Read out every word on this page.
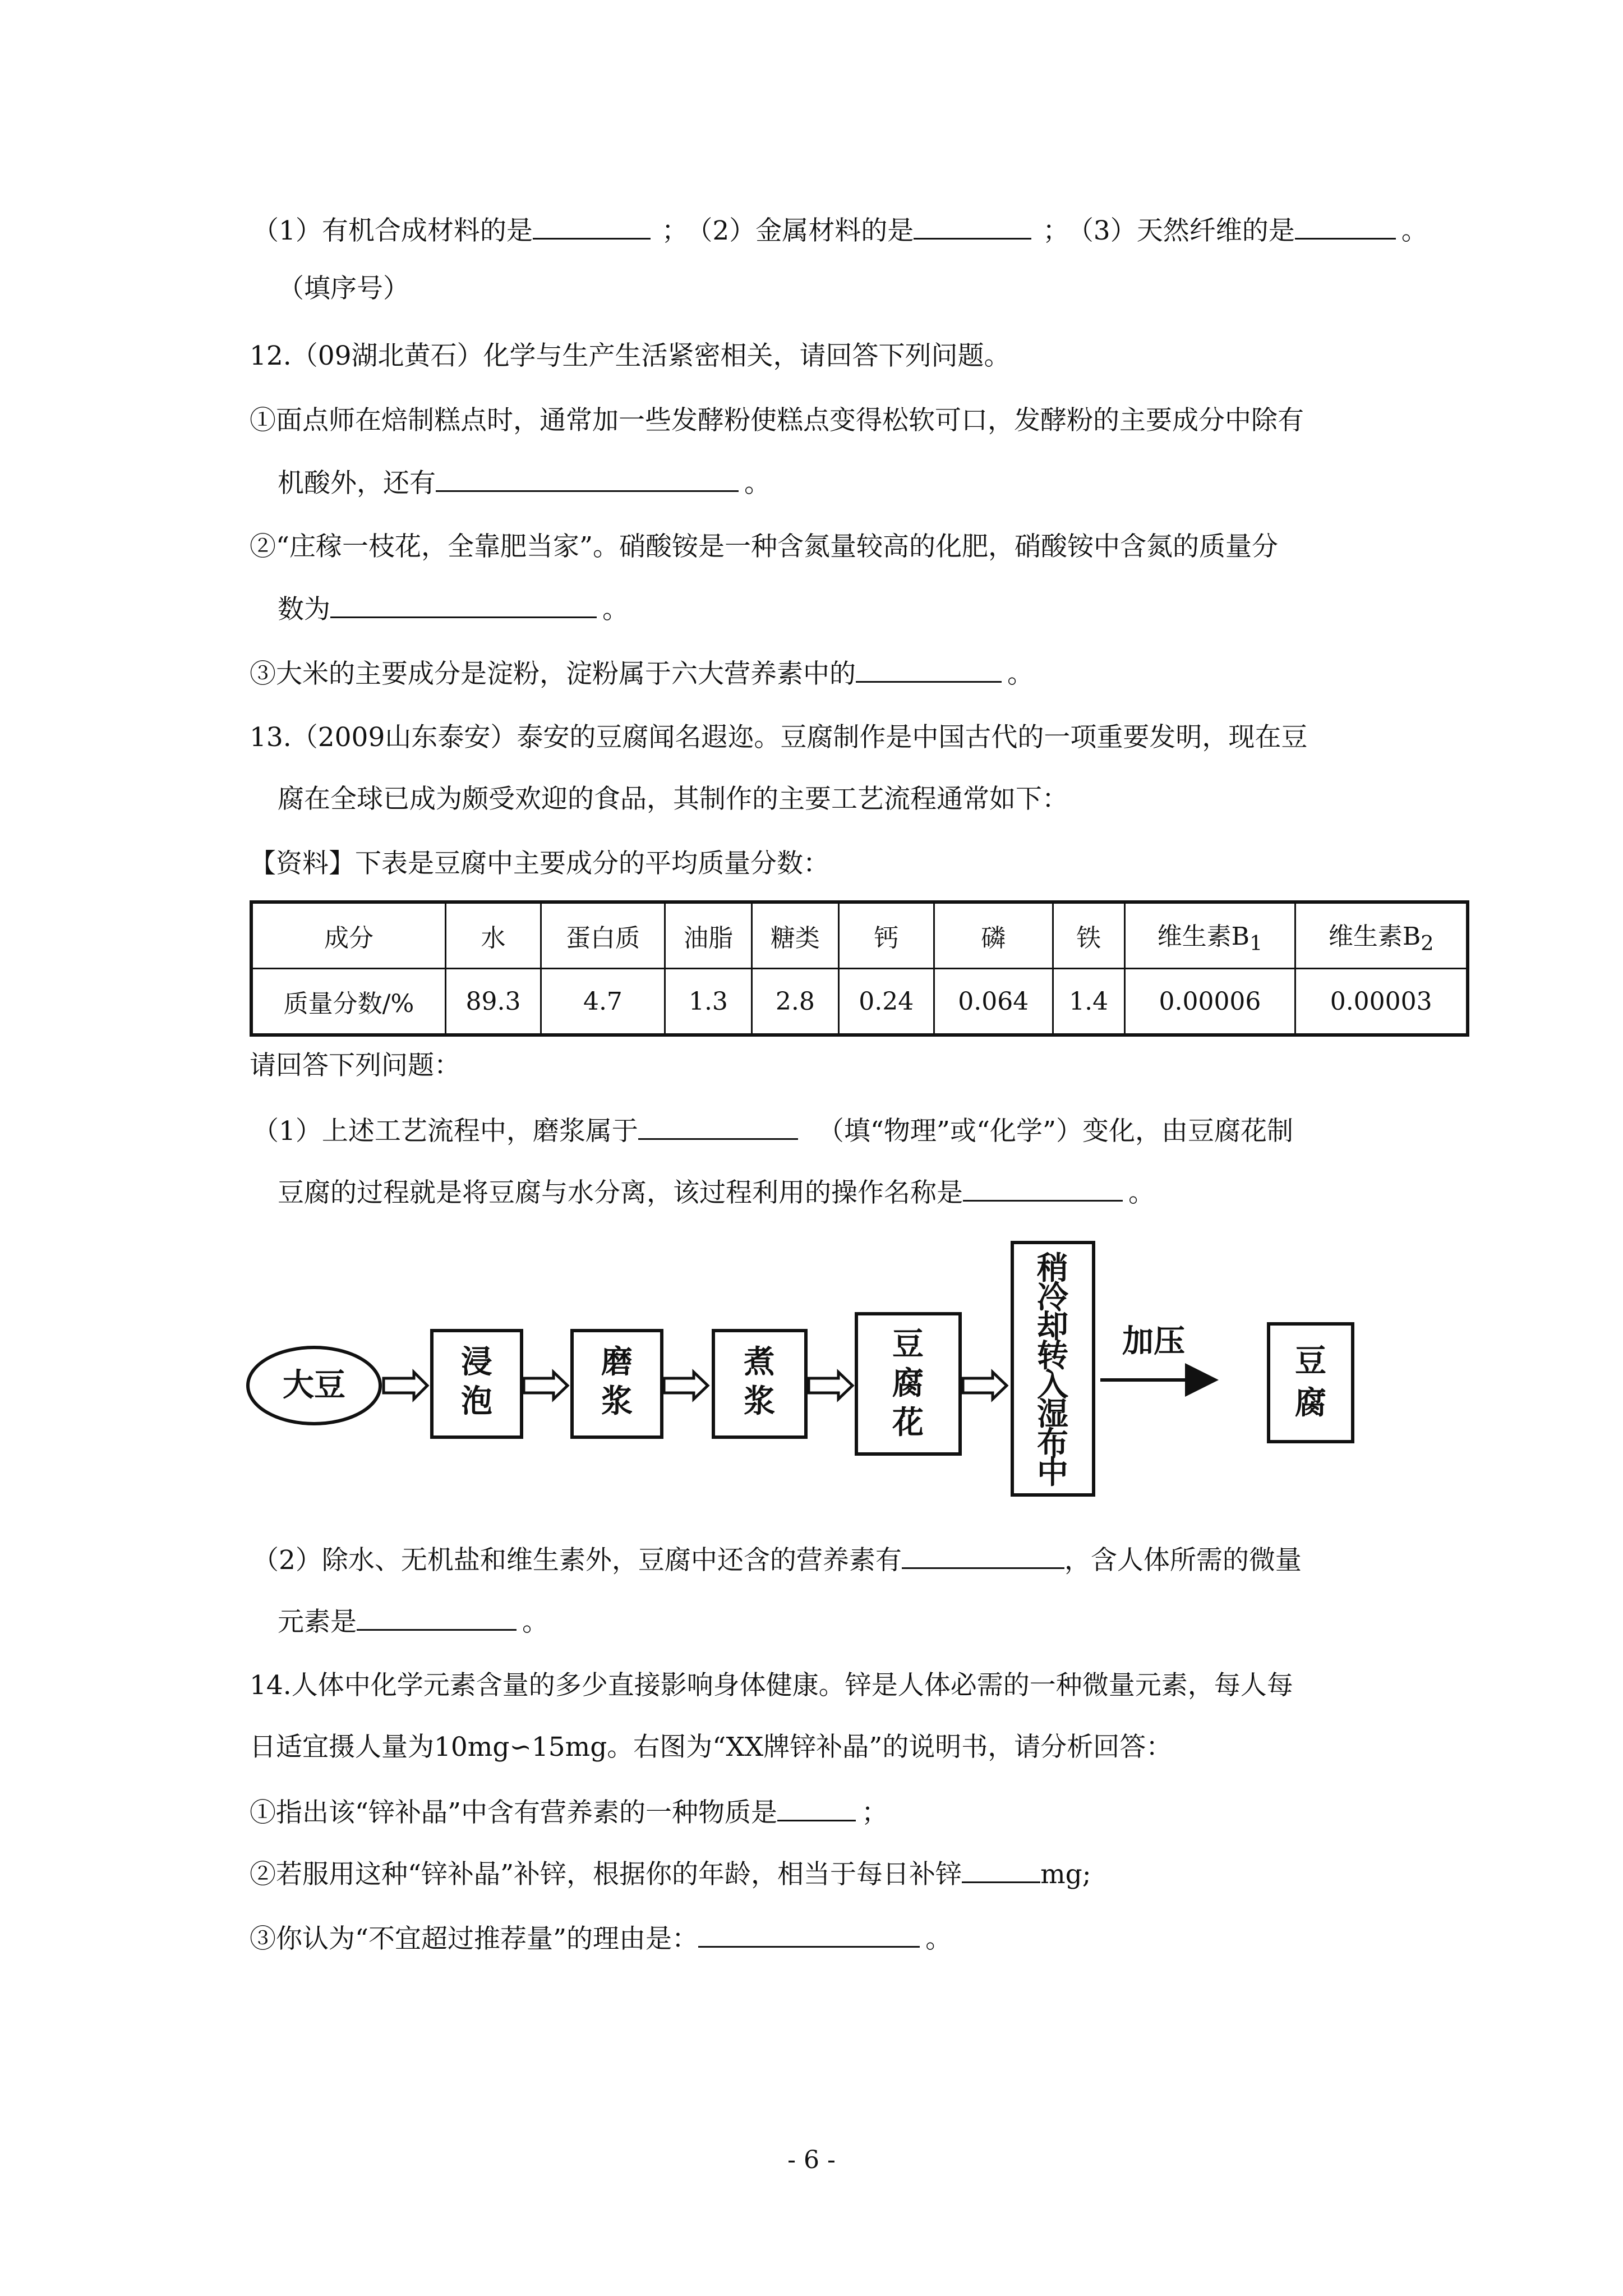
（1）有机合成材料的是	； （2）金属材料的是	； （3）天然纤维的是	。
（填序号）
12.（09湖北黄石）化学与生产生活紧密相关，请回答下列问题。
①面点师在焙制糕点时，通常加一些发酵粉使糕点变得松软可口，发酵粉的主要成分中除有
机酸外，还有	。
②“庄稼一枝花，全靠肥当家”。硝酸铵是一种含氮量较高的化肥，硝酸铵中含氮的质量分
数为	。
③大米的主要成分是淀粉，淀粉属于六大营养素中的	。
13.（2009山东泰安）泰安的豆腐闻名遐迩。豆腐制作是中国古代的一项重要发明，现在豆
腐在全球已成为颇受欢迎的食品，其制作的主要工艺流程通常如下：
【资料】下表是豆腐中主要成分的平均质量分数：
成分	水	蛋白质	油脂	糖类	钙	磷	铁	维生素$B_1$	维生素$B_2$
质量分数/%	89.3	4.7	1.3	2.8	0.24	0.064	1.4	0.00006	0.00003
请回答下列问题：
（1）上述工艺流程中，磨浆属于	（填“物理”或“化学”）变化，由豆腐花制
豆腐的过程就是将豆腐与水分离，该过程利用的操作名称是	。
大豆
浸
泡
磨
浆
煮
浆
豆
腐
花
稍
冷
却
转
入
湿
布
中
加压
豆
腐
（2）除水、无机盐和维生素外，豆腐中还含的营养素有	，含人体所需的微量
元素是	。
14.人体中化学元素含量的多少直接影响身体健康。锌是人体必需的一种微量元素，每人每
日适宜摄人量为10mg∽15mg。右图为“XX牌锌补晶”的说明书，请分析回答：
①指出该“锌补晶”中含有营养素的一种物质是	；
②若服用这种“锌补晶”补锌，根据你的年龄，相当于每日补锌	mg;
③你认为“不宜超过推荐量”的理由是：	。
- 6 -
